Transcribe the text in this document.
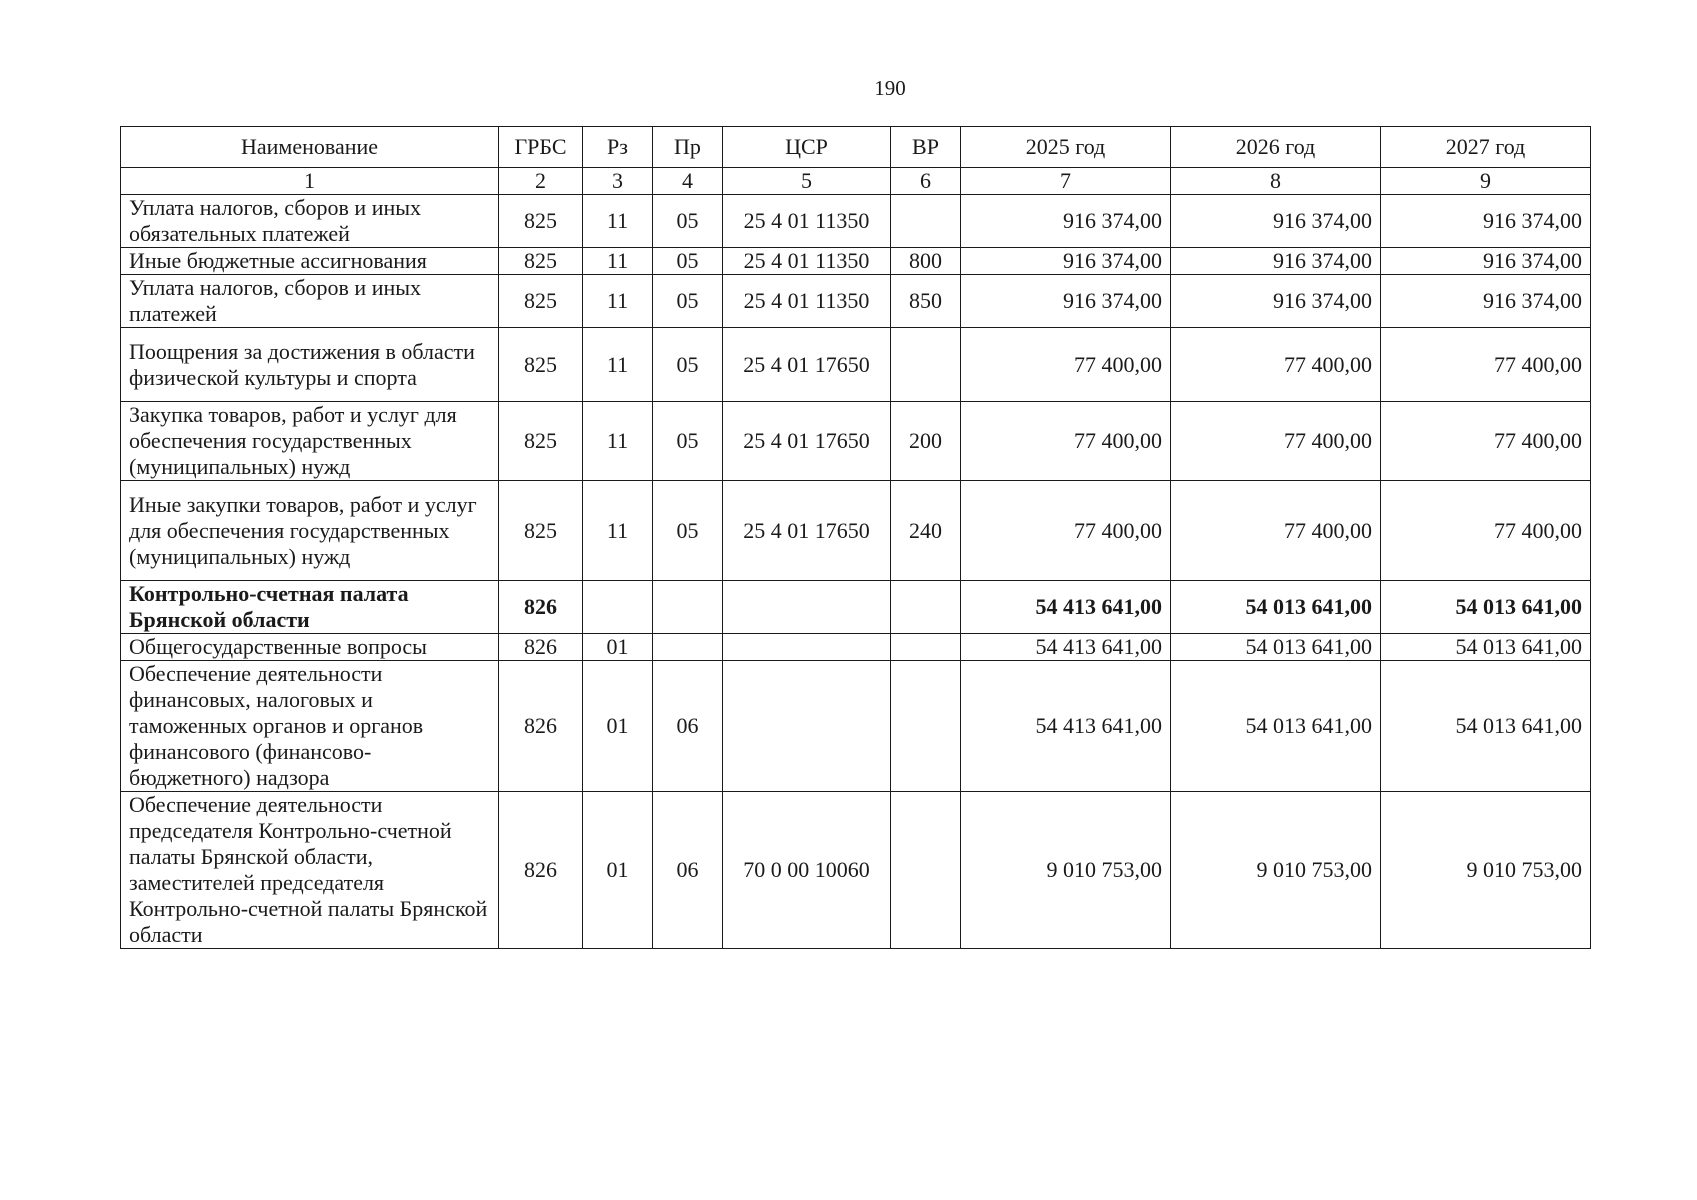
190
Наименование	ГРБС	Рз	Пр	ЦСР	ВР	2025 год	2026 год	2027 год
1	2	3	4	5	6	7	8	9
Уплата налогов, сборов и иных обязательных платежей	825	11	05	25 4 01 11350		916 374,00	916 374,00	916 374,00
Иные бюджетные ассигнования	825	11	05	25 4 01 11350	800	916 374,00	916 374,00	916 374,00
Уплата налогов, сборов и иных платежей	825	11	05	25 4 01 11350	850	916 374,00	916 374,00	916 374,00
Поощрения за достижения в области физической культуры и спорта	825	11	05	25 4 01 17650		77 400,00	77 400,00	77 400,00
Закупка товаров, работ и услуг для обеспечения государственных (муниципальных) нужд	825	11	05	25 4 01 17650	200	77 400,00	77 400,00	77 400,00
Иные закупки товаров, работ и услуг для обеспечения государственных (муниципальных) нужд	825	11	05	25 4 01 17650	240	77 400,00	77 400,00	77 400,00
Контрольно-счетная палата Брянской области	826					54 413 641,00	54 013 641,00	54 013 641,00
Общегосударственные вопросы	826	01				54 413 641,00	54 013 641,00	54 013 641,00
Обеспечение деятельности финансовых, налоговых и таможенных органов и органов финансового (финансово-бюджетного) надзора	826	01	06			54 413 641,00	54 013 641,00	54 013 641,00
Обеспечение деятельности председателя Контрольно-счетной палаты Брянской области, заместителей председателя Контрольно-счетной палаты Брянской области	826	01	06	70 0 00 10060		9 010 753,00	9 010 753,00	9 010 753,00
